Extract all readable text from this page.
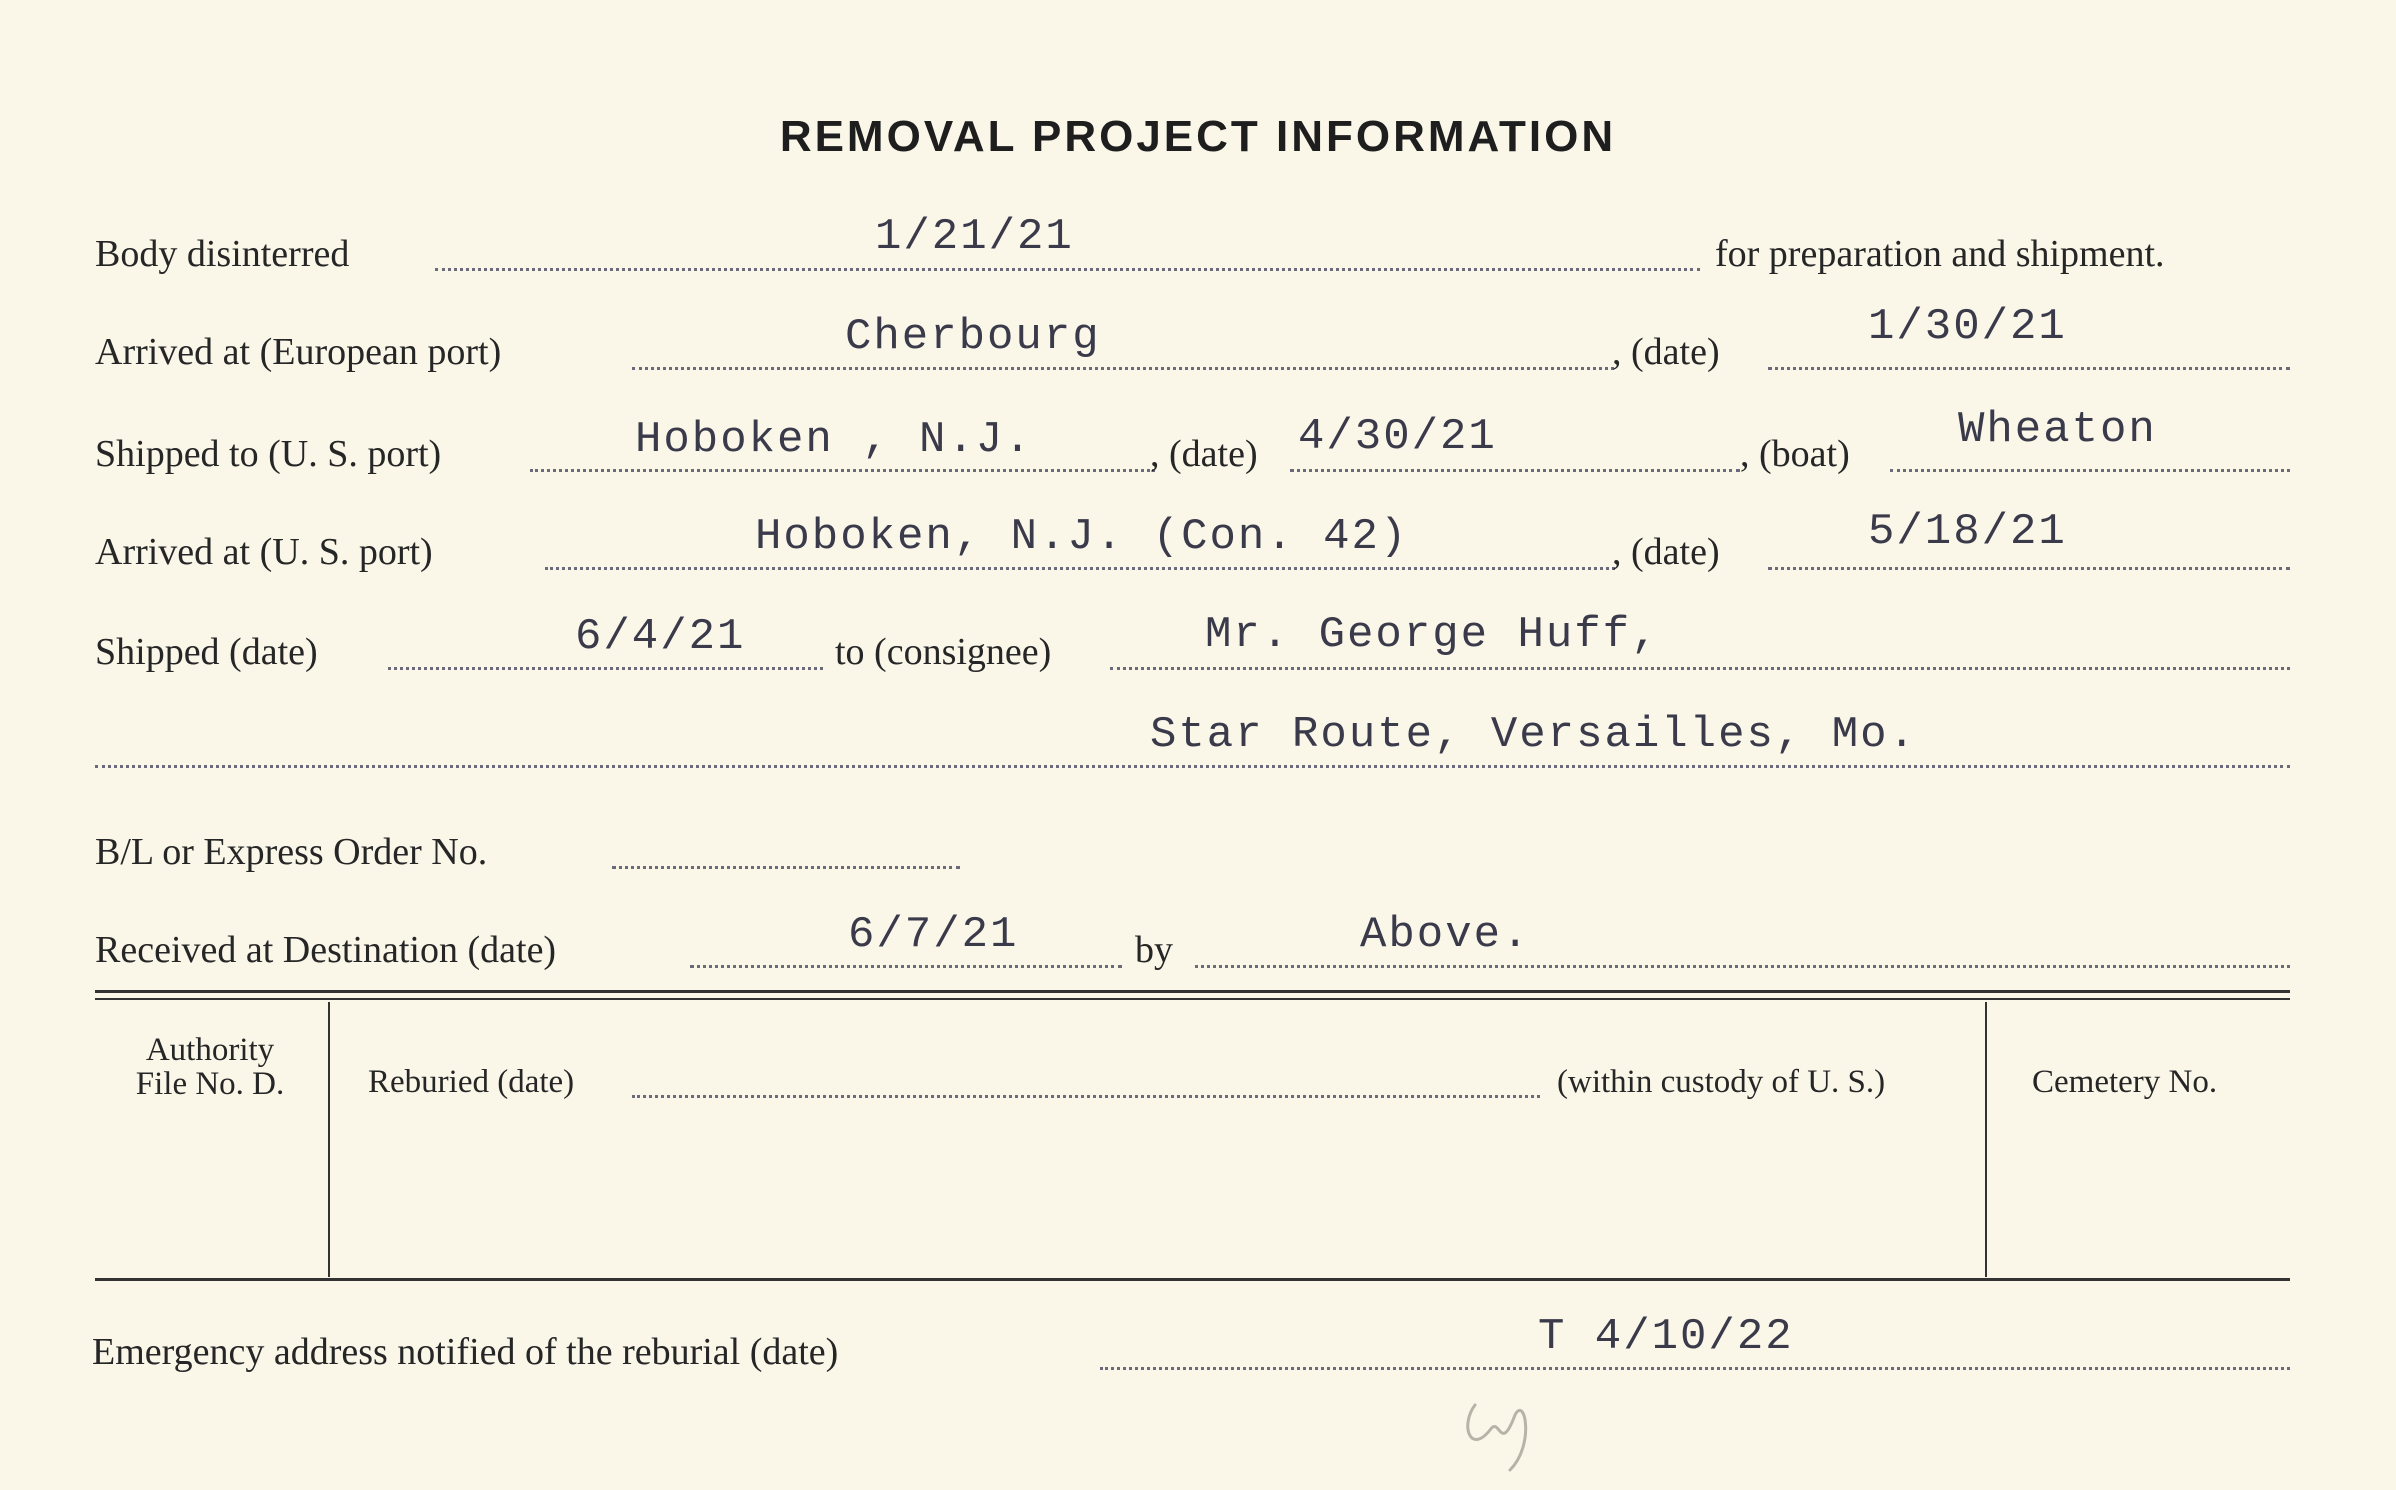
REMOVAL PROJECT INFORMATION
Body disinterred	1/21/21	for preparation and shipment.
Arrived at (European port)	Cherbourg	, (date)	1/30/21
Shipped to (U. S. port)	Hoboken , N.J.	, (date) 4/30/21	, (boat) Wheaton
Arrived at (U. S. port)	Hoboken, N.J. (Con. 42)	, (date)	5/18/21
Shipped (date)	6/4/21 to (consignee)	Mr. George Huff,
Star Route, Versailles, Mo.
B/L or Express Order No.
Received at Destination (date)	6/7/21	by	Above.
Authority
File No. D.	Reburied (date)	(within custody of U. S.)	Cemetery No.
Emergency address notified of the reburial (date)	T 4/10/22
